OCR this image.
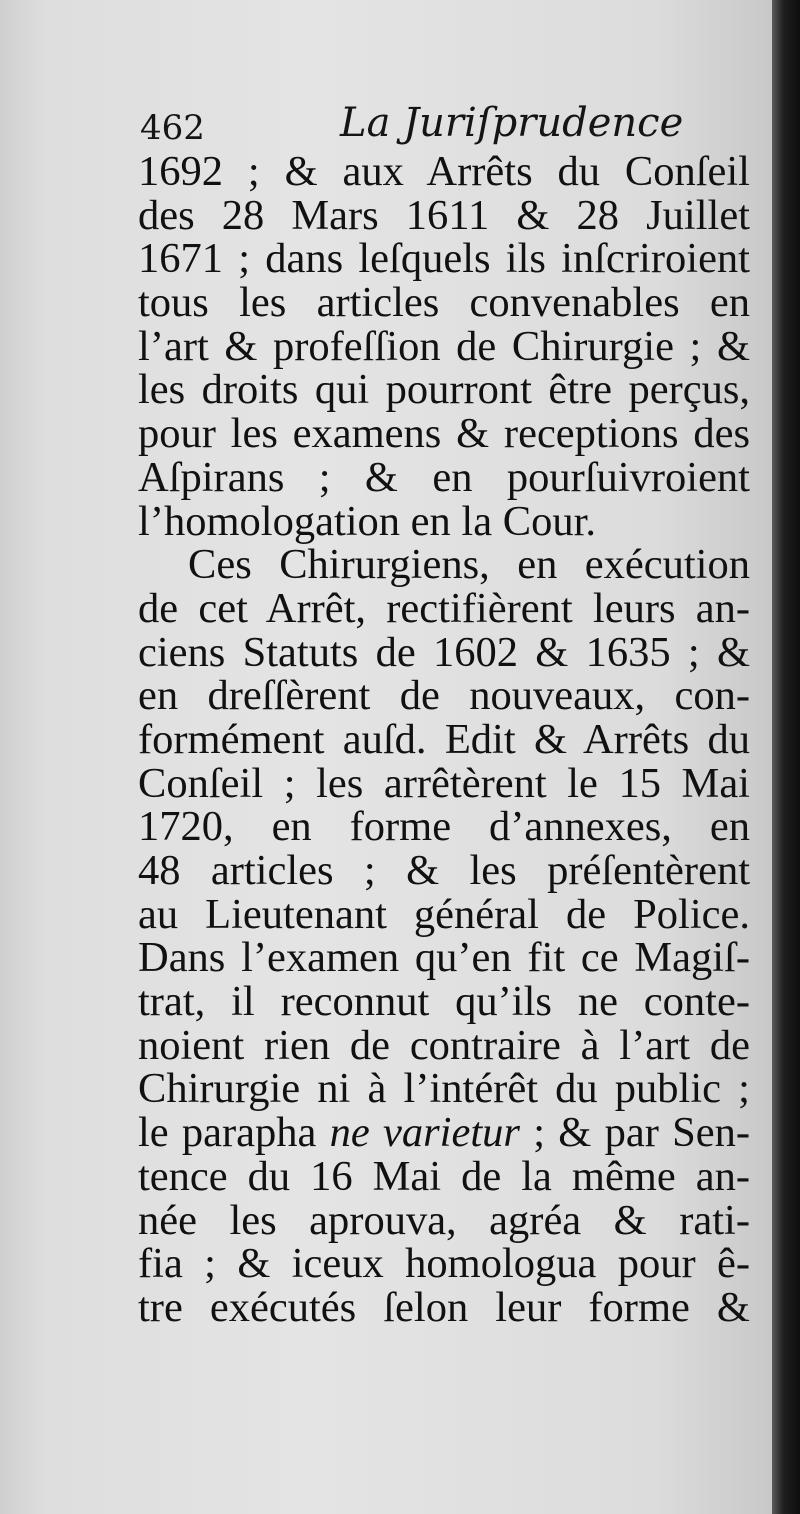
462	La Juriſprudence
1692 ; & aux Arrêts du Conſeil
des 28 Mars 1611 & 28 Juillet
1671 ; dans leſquels ils inſcriroient
tous les articles convenables en
l’art & profeſſion de Chirurgie ; &
les droits qui pourront être perçus,
pour les examens & receptions des
Aſpirans ; & en pourſuivroient
l’homologation en la Cour.
Ces Chirurgiens, en exécution
de cet Arrêt, rectifièrent leurs an-
ciens Statuts de 1602 & 1635 ; &
en dreſſèrent de nouveaux, con-
formément auſd. Edit & Arrêts du
Conſeil ; les arrêtèrent le 15 Mai
1720, en forme d’annexes, en
48 articles ; & les préſentèrent
au Lieutenant général de Police.
Dans l’examen qu’en fit ce Magiſ-
trat, il reconnut qu’ils ne conte-
noient rien de contraire à l’art de
Chirurgie ni à l’intérêt du public ;
le parapha ne varietur ; & par Sen-
tence du 16 Mai de la même an-
née les aprouva, agréa & rati-
fia ; & iceux homologua pour ê-
tre exécutés ſelon leur forme &
